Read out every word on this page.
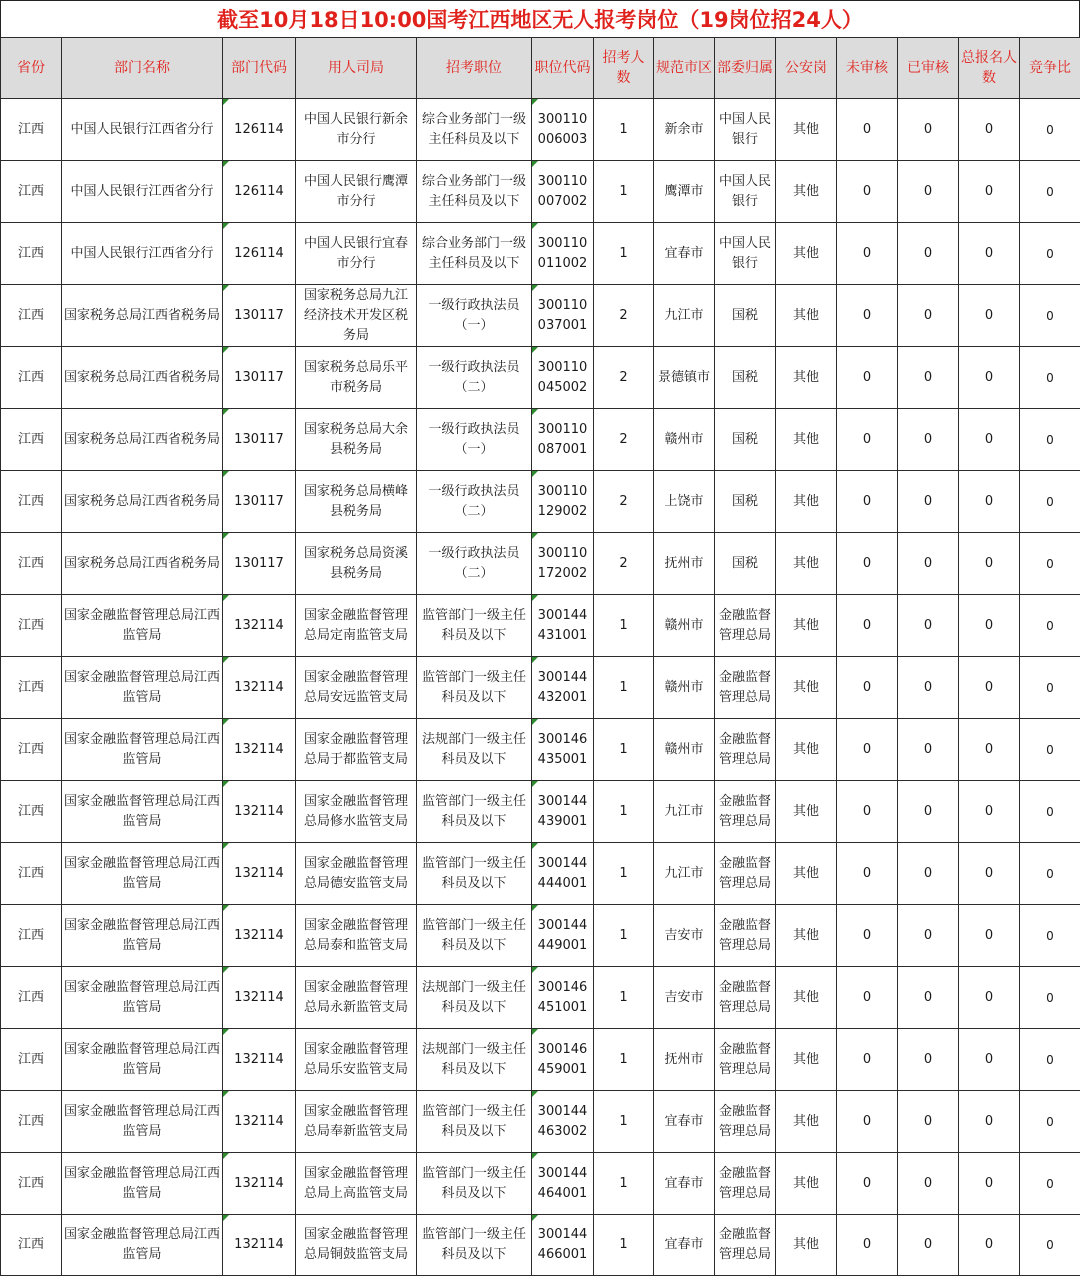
截至10月18日10:00国考江西地区无人报考岗位（19岗位招24人）
省份	部门名称	部门代码	用人司局	招考职位	职位代码	招考人数	规范市区	部委归属	公安岗	未审核	已审核	总报名人数	竞争比
江西	中国人民银行江西省分行	126114	中国人民银行新余市分行	综合业务部门一级主任科员及以下	300110006003	1	新余市	中国人民银行	其他	0	0	0	0
江西	中国人民银行江西省分行	126114	中国人民银行鹰潭市分行	综合业务部门一级主任科员及以下	300110007002	1	鹰潭市	中国人民银行	其他	0	0	0	0
江西	中国人民银行江西省分行	126114	中国人民银行宜春市分行	综合业务部门一级主任科员及以下	300110011002	1	宜春市	中国人民银行	其他	0	0	0	0
江西	国家税务总局江西省税务局	130117	国家税务总局九江经济技术开发区税务局	一级行政执法员（一）	300110037001	2	九江市	国税	其他	0	0	0	0
江西	国家税务总局江西省税务局	130117	国家税务总局乐平市税务局	一级行政执法员（二）	300110045002	2	景德镇市	国税	其他	0	0	0	0
江西	国家税务总局江西省税务局	130117	国家税务总局大余县税务局	一级行政执法员（一）	300110087001	2	赣州市	国税	其他	0	0	0	0
江西	国家税务总局江西省税务局	130117	国家税务总局横峰县税务局	一级行政执法员（二）	300110129002	2	上饶市	国税	其他	0	0	0	0
江西	国家税务总局江西省税务局	130117	国家税务总局资溪县税务局	一级行政执法员（二）	300110172002	2	抚州市	国税	其他	0	0	0	0
江西	国家金融监督管理总局江西监管局	132114	国家金融监督管理总局定南监管支局	监管部门一级主任科员及以下	300144431001	1	赣州市	金融监督管理总局	其他	0	0	0	0
江西	国家金融监督管理总局江西监管局	132114	国家金融监督管理总局安远监管支局	监管部门一级主任科员及以下	300144432001	1	赣州市	金融监督管理总局	其他	0	0	0	0
江西	国家金融监督管理总局江西监管局	132114	国家金融监督管理总局于都监管支局	法规部门一级主任科员及以下	300146435001	1	赣州市	金融监督管理总局	其他	0	0	0	0
江西	国家金融监督管理总局江西监管局	132114	国家金融监督管理总局修水监管支局	监管部门一级主任科员及以下	300144439001	1	九江市	金融监督管理总局	其他	0	0	0	0
江西	国家金融监督管理总局江西监管局	132114	国家金融监督管理总局德安监管支局	监管部门一级主任科员及以下	300144444001	1	九江市	金融监督管理总局	其他	0	0	0	0
江西	国家金融监督管理总局江西监管局	132114	国家金融监督管理总局泰和监管支局	监管部门一级主任科员及以下	300144449001	1	吉安市	金融监督管理总局	其他	0	0	0	0
江西	国家金融监督管理总局江西监管局	132114	国家金融监督管理总局永新监管支局	法规部门一级主任科员及以下	300146451001	1	吉安市	金融监督管理总局	其他	0	0	0	0
江西	国家金融监督管理总局江西监管局	132114	国家金融监督管理总局乐安监管支局	法规部门一级主任科员及以下	300146459001	1	抚州市	金融监督管理总局	其他	0	0	0	0
江西	国家金融监督管理总局江西监管局	132114	国家金融监督管理总局奉新监管支局	监管部门一级主任科员及以下	300144463002	1	宜春市	金融监督管理总局	其他	0	0	0	0
江西	国家金融监督管理总局江西监管局	132114	国家金融监督管理总局上高监管支局	监管部门一级主任科员及以下	300144464001	1	宜春市	金融监督管理总局	其他	0	0	0	0
江西	国家金融监督管理总局江西监管局	132114	国家金融监督管理总局铜鼓监管支局	监管部门一级主任科员及以下	300144466001	1	宜春市	金融监督管理总局	其他	0	0	0	0
